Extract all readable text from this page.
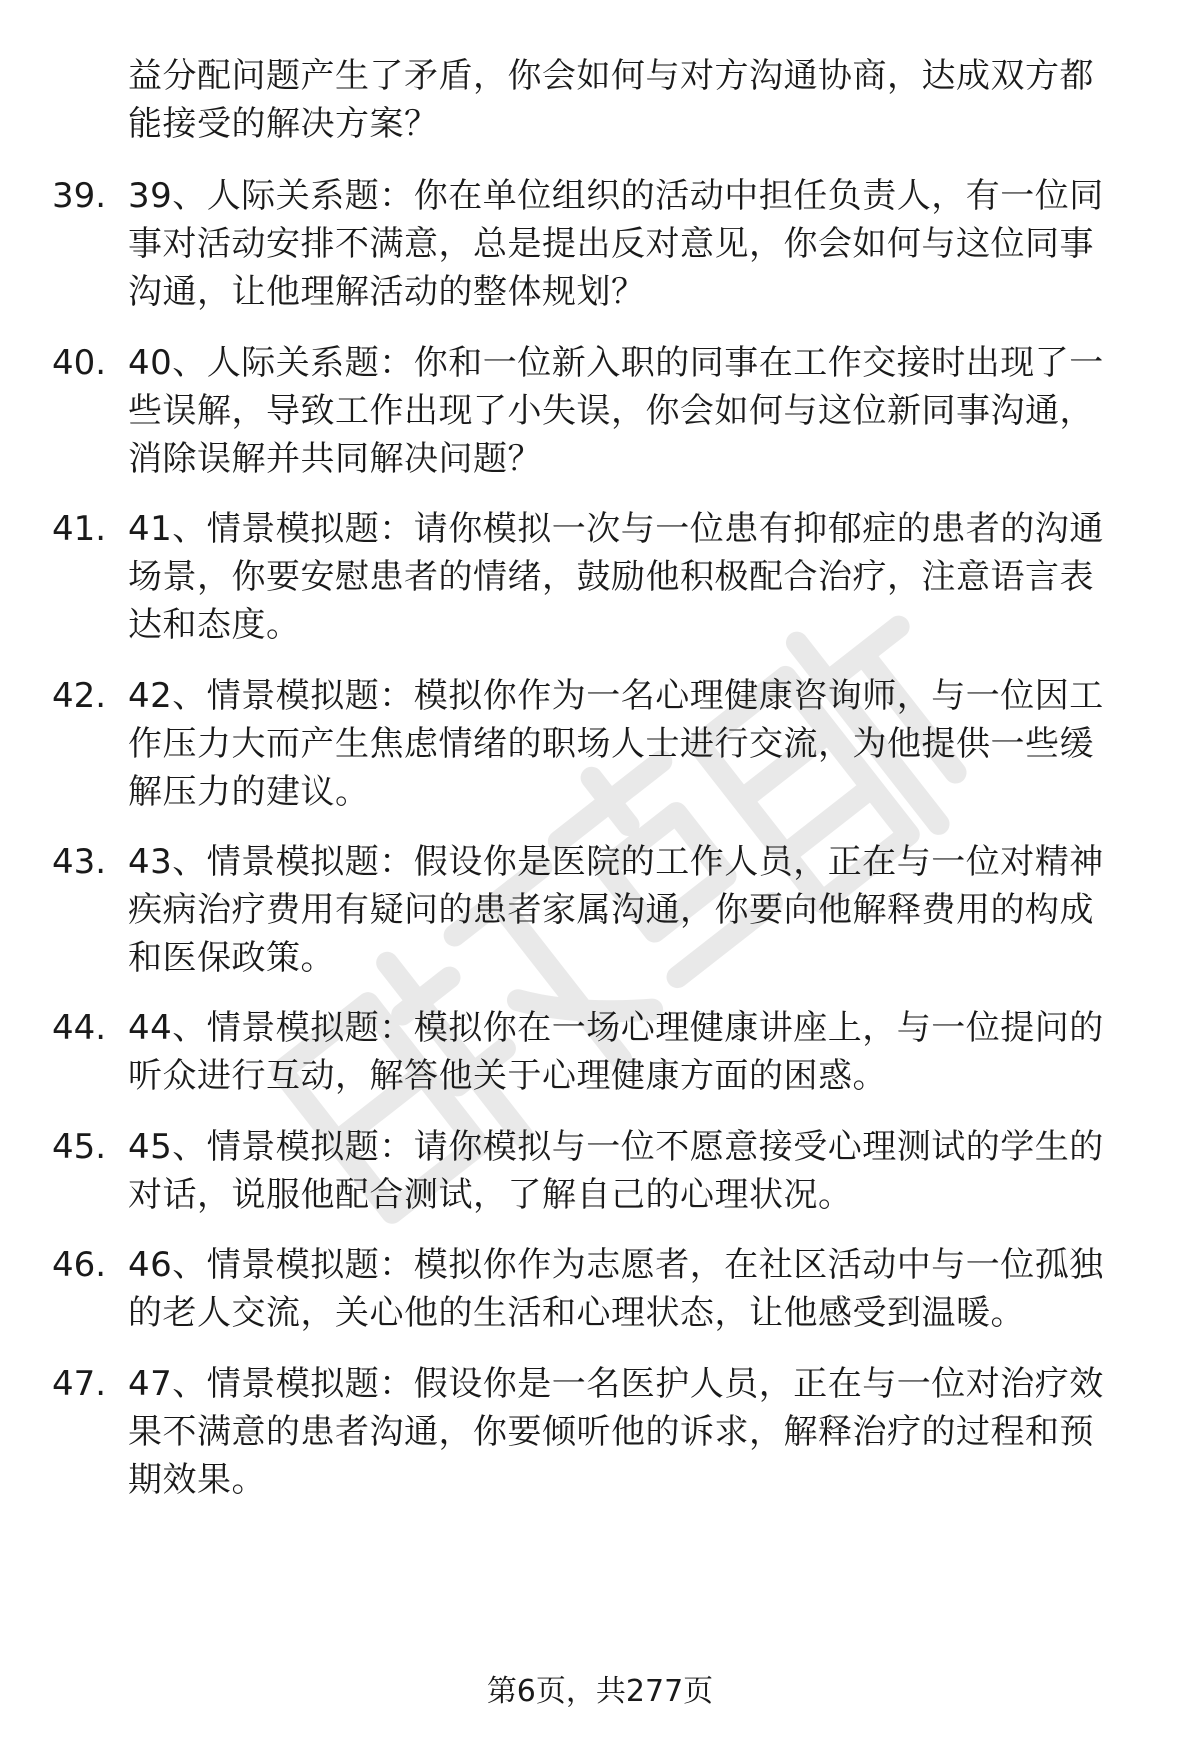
益分配问题产生了矛盾，你会如何与对方沟通协商，达成双方都
能接受的解决方案？
39. 39、人际关系题：你在单位组织的活动中担任负责人，有一位同
事对活动安排不满意，总是提出反对意见，你会如何与这位同事
沟通，让他理解活动的整体规划？
40. 40、人际关系题：你和一位新入职的同事在工作交接时出现了一
些误解，导致工作出现了小失误，你会如何与这位新同事沟通，
消除误解并共同解决问题？
41. 41、情景模拟题：请你模拟一次与一位患有抑郁症的患者的沟通
场景，你要安慰患者的情绪，鼓励他积极配合治疗，注意语言表
达和态度。
42. 42、情景模拟题：模拟你作为一名心理健康咨询师，与一位因工
作压力大而产生焦虑情绪的职场人士进行交流，为他提供一些缓
解压力的建议。
43. 43、情景模拟题：假设你是医院的工作人员，正在与一位对精神
疾病治疗费用有疑问的患者家属沟通，你要向他解释费用的构成
和医保政策。
44. 44、情景模拟题：模拟你在一场心理健康讲座上，与一位提问的
听众进行互动，解答他关于心理健康方面的困惑。
45. 45、情景模拟题：请你模拟与一位不愿意接受心理测试的学生的
对话，说服他配合测试，了解自己的心理状况。
46. 46、情景模拟题：模拟你作为志愿者，在社区活动中与一位孤独
的老人交流，关心他的生活和心理状态，让他感受到温暖。
47. 47、情景模拟题：假设你是一名医护人员，正在与一位对治疗效
果不满意的患者沟通，你要倾听他的诉求，解释治疗的过程和预
期效果。
第6页，共277页
